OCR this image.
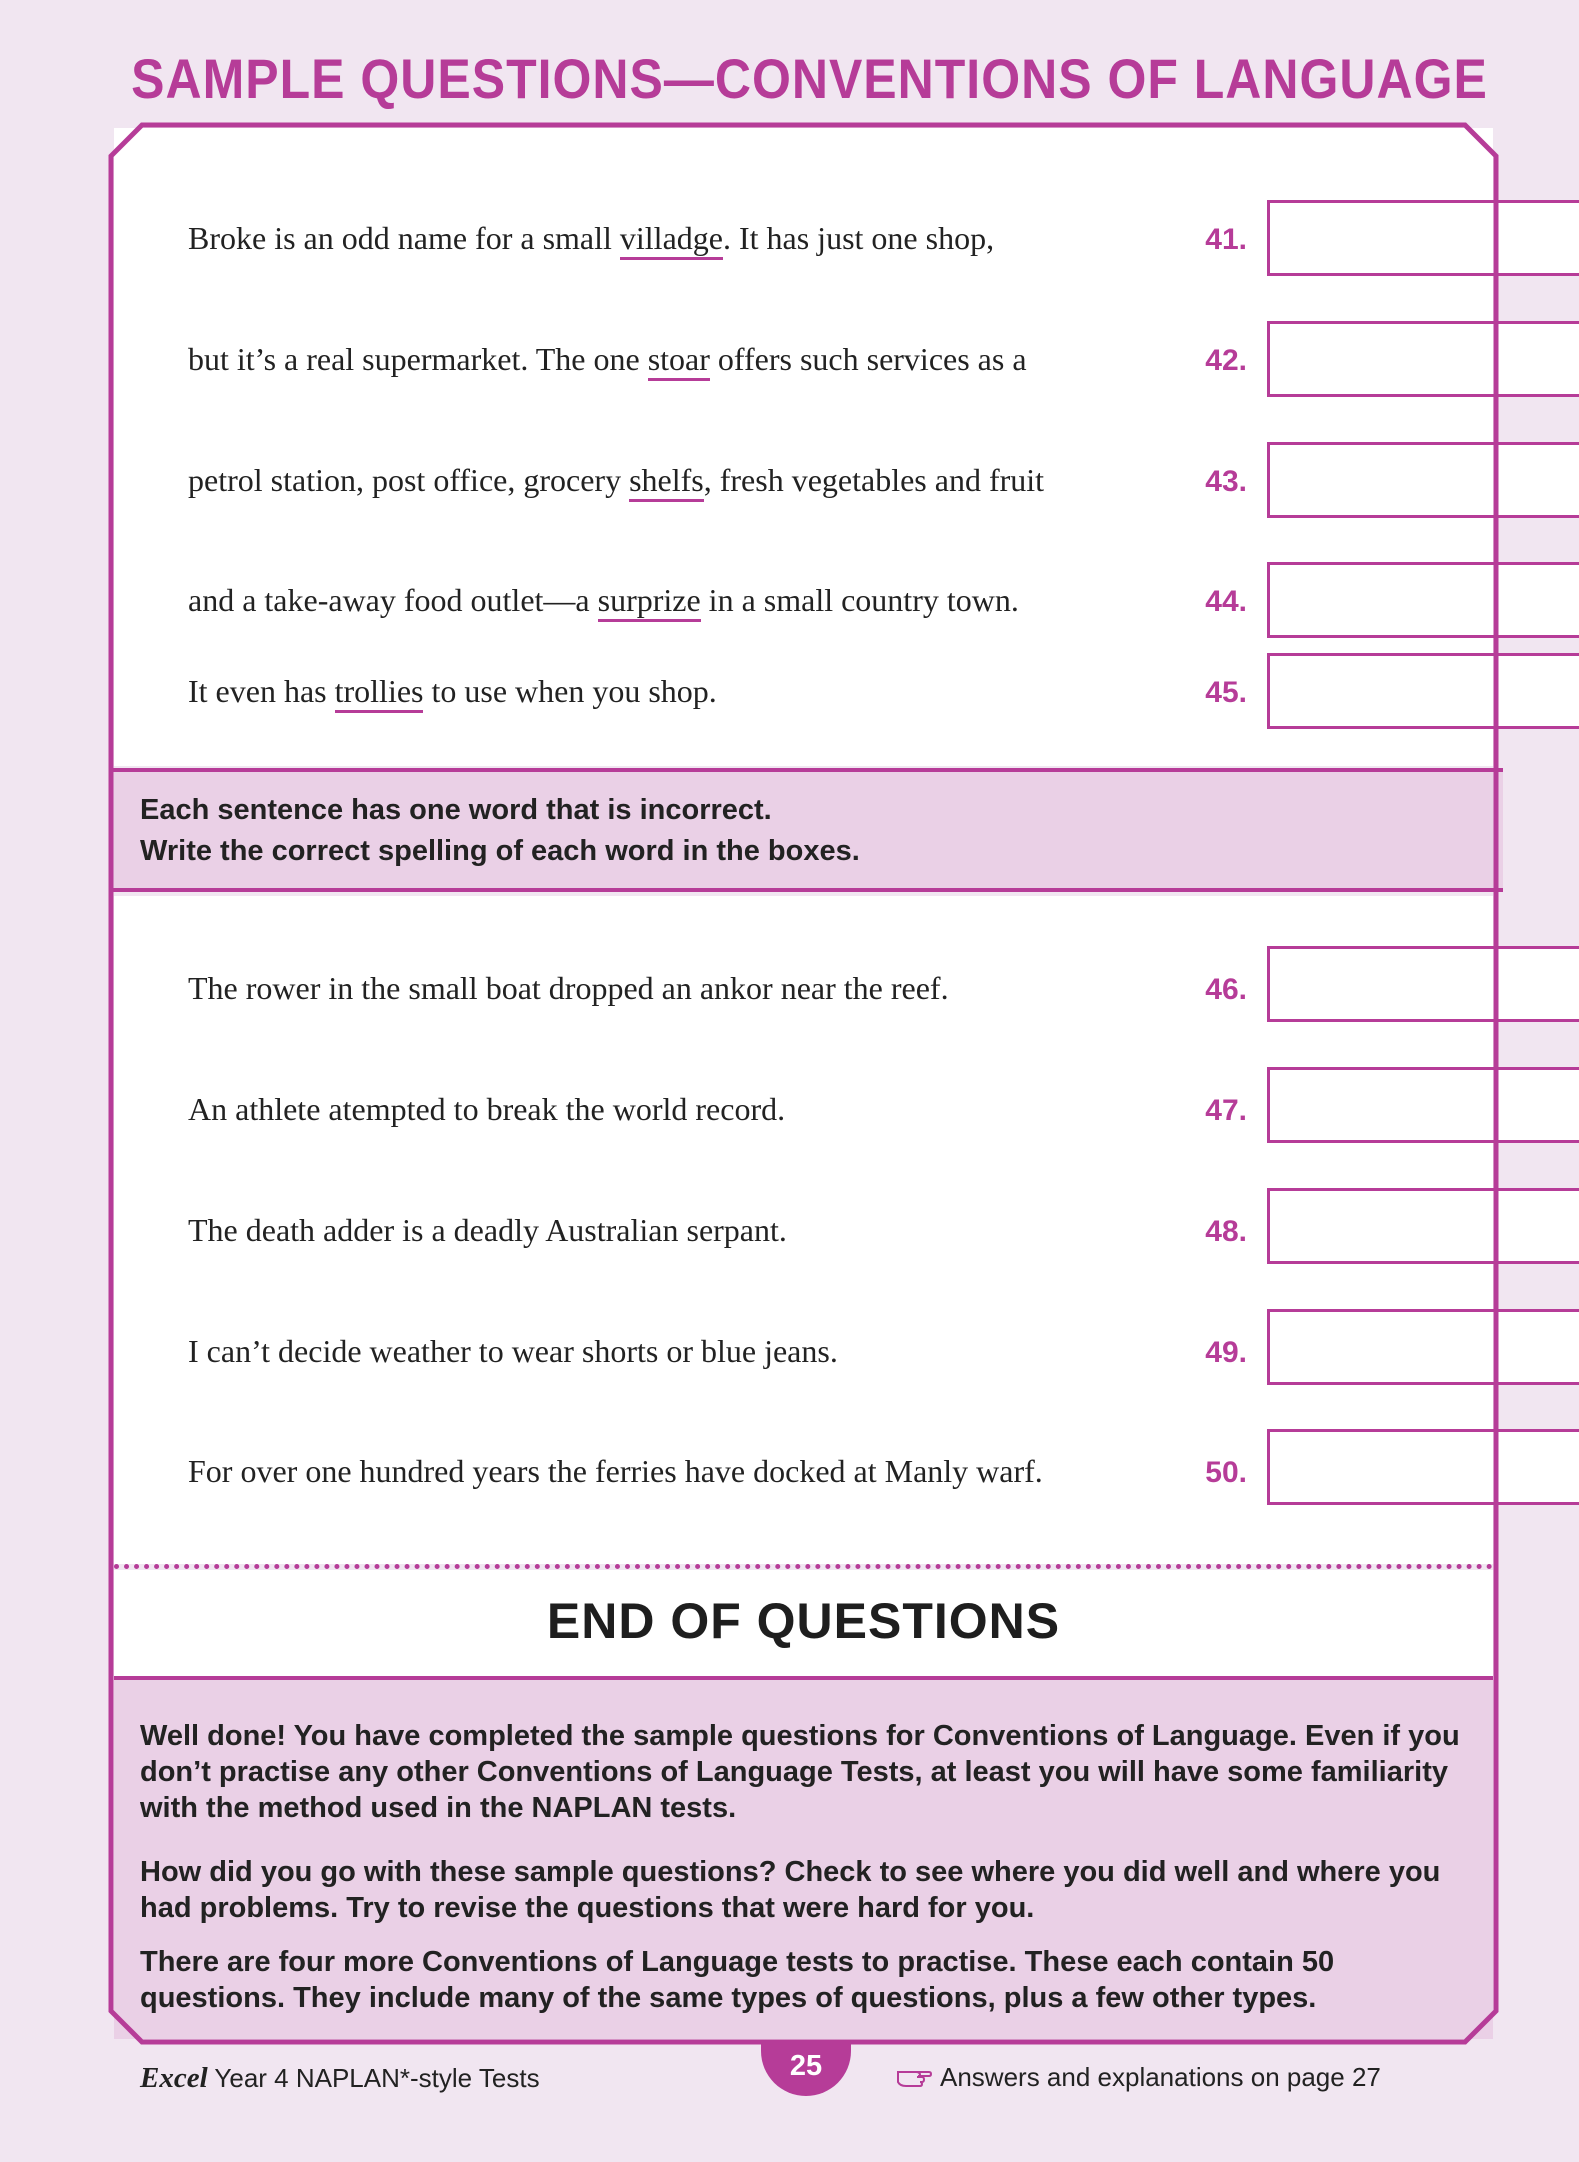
SAMPLE QUESTIONS—CONVENTIONS OF LANGUAGE
Broke is an odd name for a small villadge. It has just one shop,	41.
but it’s a real supermarket. The one stoar offers such services as a	42.
petrol station, post office, grocery shelfs, fresh vegetables and fruit	43.
and a take-away food outlet—a surprize in a small country town.	44.
It even has trollies to use when you shop.	45.

Each sentence has one word that is incorrect.

Write the correct spelling of each word in the boxes.

The rower in the small boat dropped an ankor near the reef.	46.
An athlete atempted to break the world record.	47.
The death adder is a deadly Australian serpant.	48.
I can’t decide weather to wear shorts or blue jeans.	49.
For over one hundred years the ferries have docked at Manly warf.	50.
END OF QUESTIONS
Well done! You have completed the sample questions for Conventions of Language. Even if you don’t practise any other Conventions of Language Tests, at least you will have some familiarity with the method used in the NAPLAN tests.
How did you go with these sample questions? Check to see where you did well and where you had problems. Try to revise the questions that were hard for you.
There are four more Conventions of Language tests to practise. These each contain 50 questions. They include many of the same types of questions, plus a few other types.
Excel Year 4 NAPLAN*-style Tests	25	Answers and explanations on page 27
